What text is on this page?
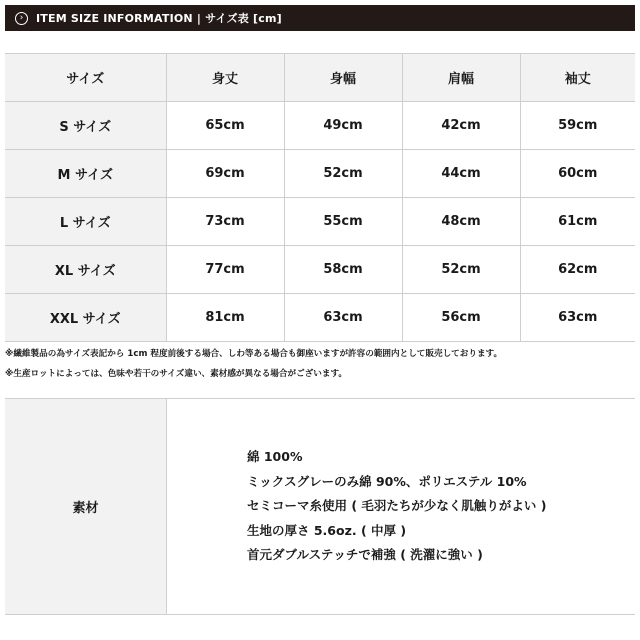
›	ITEM SIZE INFORMATION | サイズ表 [cm]
サイズ	身丈	身幅	肩幅	袖丈
S サイズ	65cm	49cm	42cm	59cm
M サイズ	69cm	52cm	44cm	60cm
L サイズ	73cm	55cm	48cm	61cm
XL サイズ	77cm	58cm	52cm	62cm
XXL サイズ	81cm	63cm	56cm	63cm
※繊維製品の為サイズ表記から 1cm 程度前後する場合、しわ等ある場合も御座いますが許容の範囲内として販売しております。
※生産ロットによっては、色味や若干のサイズ違い、素材感が異なる場合がございます。
素材
綿 100%
ミックスグレーのみ綿 90%、ポリエステル 10%
セミコーマ糸使用 ( 毛羽たちが少なく肌触りがよい )
生地の厚さ 5.6oz. ( 中厚 )
首元ダブルステッチで補強 ( 洗濯に強い )
